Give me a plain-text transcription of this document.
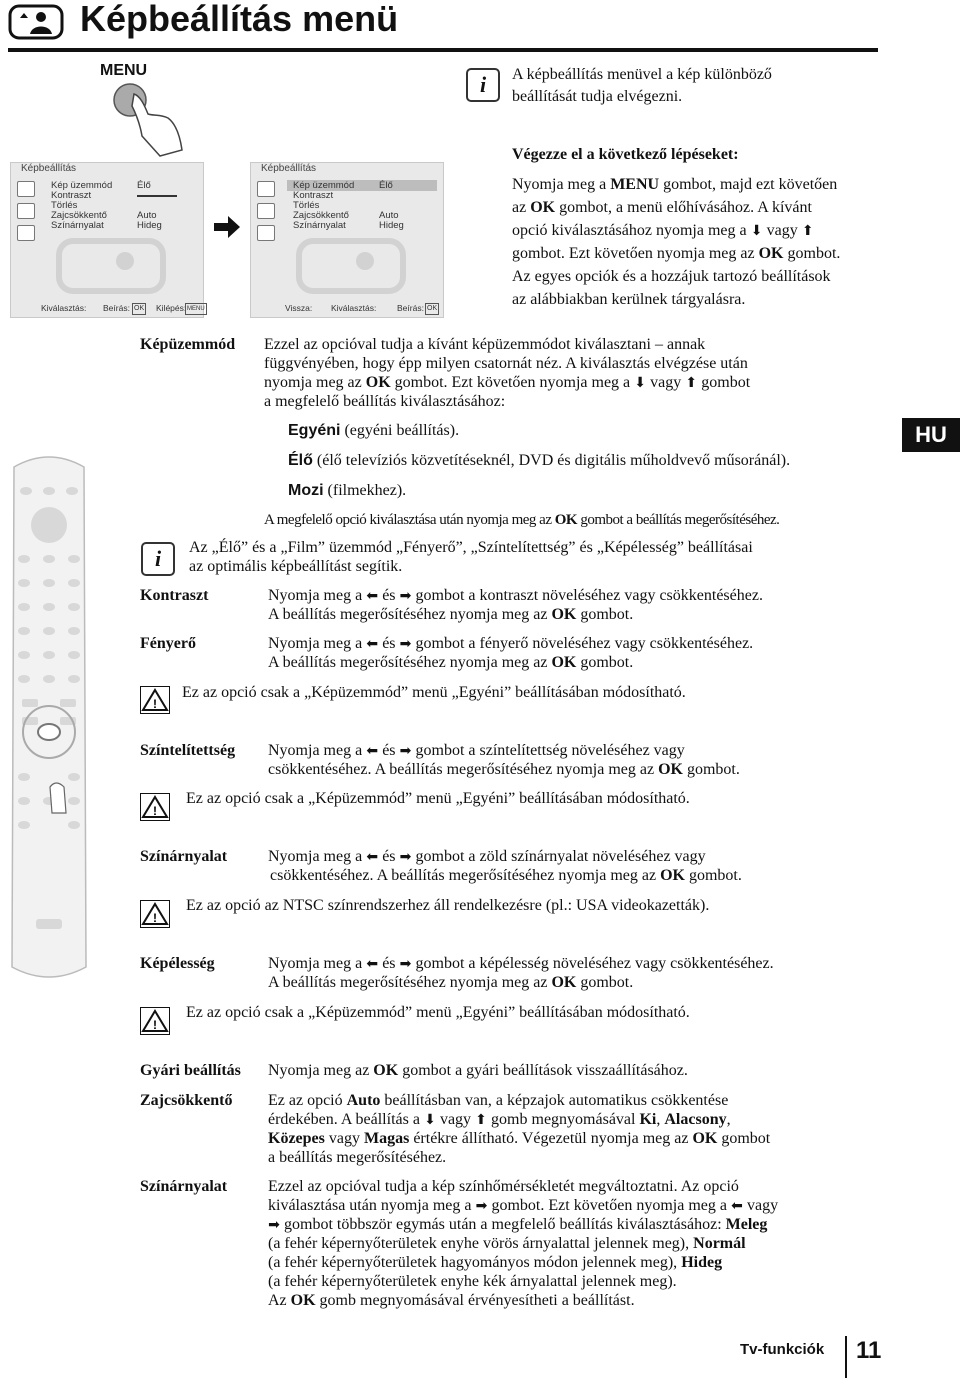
Képbeállítás menü
MENU
i	A képbeállítás menüvel a kép különböző
beállítását tudja elvégezni.
Képbeállítás
Kép üzemmód
Kontraszt
Törlés
Zajcsökkentő
Színárnyalat
Élő
Auto
Hideg
Kiválasztás: Beírás: OK Kilépés: MENU
Képbeállítás
Kép üzemmód
Kontraszt
Törlés
Zajcsökkentő
Színárnyalat
Élő
Auto
Hideg
Vissza: Kiválasztás: Beírás: OK
Végezze el a következő lépéseket:
Nyomja meg a MENU gombot, majd ezt követően
az OK gombot, a menü előhívásához. A kívánt
opció kiválasztásához nyomja meg a ⬇ vagy ⬆
gombot. Ezt követően nyomja meg az OK gombot.
Az egyes opciók és a hozzájuk tartozó beállítások
az alábbiakban kerülnek tárgyalásra.
HU
Képüzemmód Ezzel az opcióval tudja a kívánt képüzemmódot kiválasztani – annak
függvényében, hogy épp milyen csatornát néz. A kiválasztás elvégzése után
nyomja meg az OK gombot. Ezt követően nyomja meg a ⬇ vagy ⬆ gombot
a megfelelő beállítás kiválasztásához:
Egyéni (egyéni beállítás).
Élő (élő televíziós közvetítéseknél, DVD és digitális műholdvevő műsoránál).
Mozi (filmekhez).
A megfelelő opció kiválasztása után nyomja meg az OK gombot a beállítás megerősítéséhez.
i	Az „Élő” és a „Film” üzemmód „Fényerő”, „Színtelítettség” és „Képélesség” beállításai
az optimális képbeállítást segítik.
Kontraszt	Nyomja meg a ⬅ és ➡ gombot a kontraszt növeléséhez vagy csökkentéséhez.
A beállítás megerősítéséhez nyomja meg az OK gombot.
Fényerő	Nyomja meg a ⬅ és ➡ gombot a fényerő növeléséhez vagy csökkentéséhez.
A beállítás megerősítéséhez nyomja meg az OK gombot.
!
Ez az opció csak a „Képüzemmód” menü „Egyéni” beállításában módosítható.
Színtelítettség Nyomja meg a ⬅ és ➡ gombot a színtelítettség növeléséhez vagy
csökkentéséhez. A beállítás megerősítéséhez nyomja meg az OK gombot.
!
Ez az opció csak a „Képüzemmód” menü „Egyéni” beállításában módosítható.
Színárnyalat	Nyomja meg a ⬅ és ➡ gombot a zöld színárnyalat növeléséhez vagy
csökkentéséhez. A beállítás megerősítéséhez nyomja meg az OK gombot.
!
Ez az opció az NTSC színrendszerhez áll rendelkezésre (pl.: USA videokazetták).
Képélesség	Nyomja meg a ⬅ és ➡ gombot a képélesség növeléséhez vagy csökkentéséhez.
A beállítás megerősítéséhez nyomja meg az OK gombot.
!
Ez az opció csak a „Képüzemmód” menü „Egyéni” beállításában módosítható.
Gyári beállítás Nyomja meg az OK gombot a gyári beállítások visszaállításához.
Zajcsökkentő Ez az opció Auto beállításban van, a képzajok automatikus csökkentése
érdekében. A beállítás a ⬇ vagy ⬆ gomb megnyomásával Ki, Alacsony,
Közepes vagy Magas értékre állítható. Végezetül nyomja meg az OK gombot
a beállítás megerősítéséhez.
Színárnyalat	Ezzel az opcióval tudja a kép színhőmérsékletét megváltoztatni. Az opció
kiválasztása után nyomja meg a ➡ gombot. Ezt követően nyomja meg a ⬅ vagy
➡ gombot többször egymás után a megfelelő beállítás kiválasztásához: Meleg
(a fehér képernyőterületek enyhe vörös árnyalattal jelennek meg), Normál
(a fehér képernyőterületek hagyományos módon jelennek meg), Hideg
(a fehér képernyőterületek enyhe kék árnyalattal jelennek meg).
Az OK gomb megnyomásával érvényesítheti a beállítást.
Tv-funkciók 11
